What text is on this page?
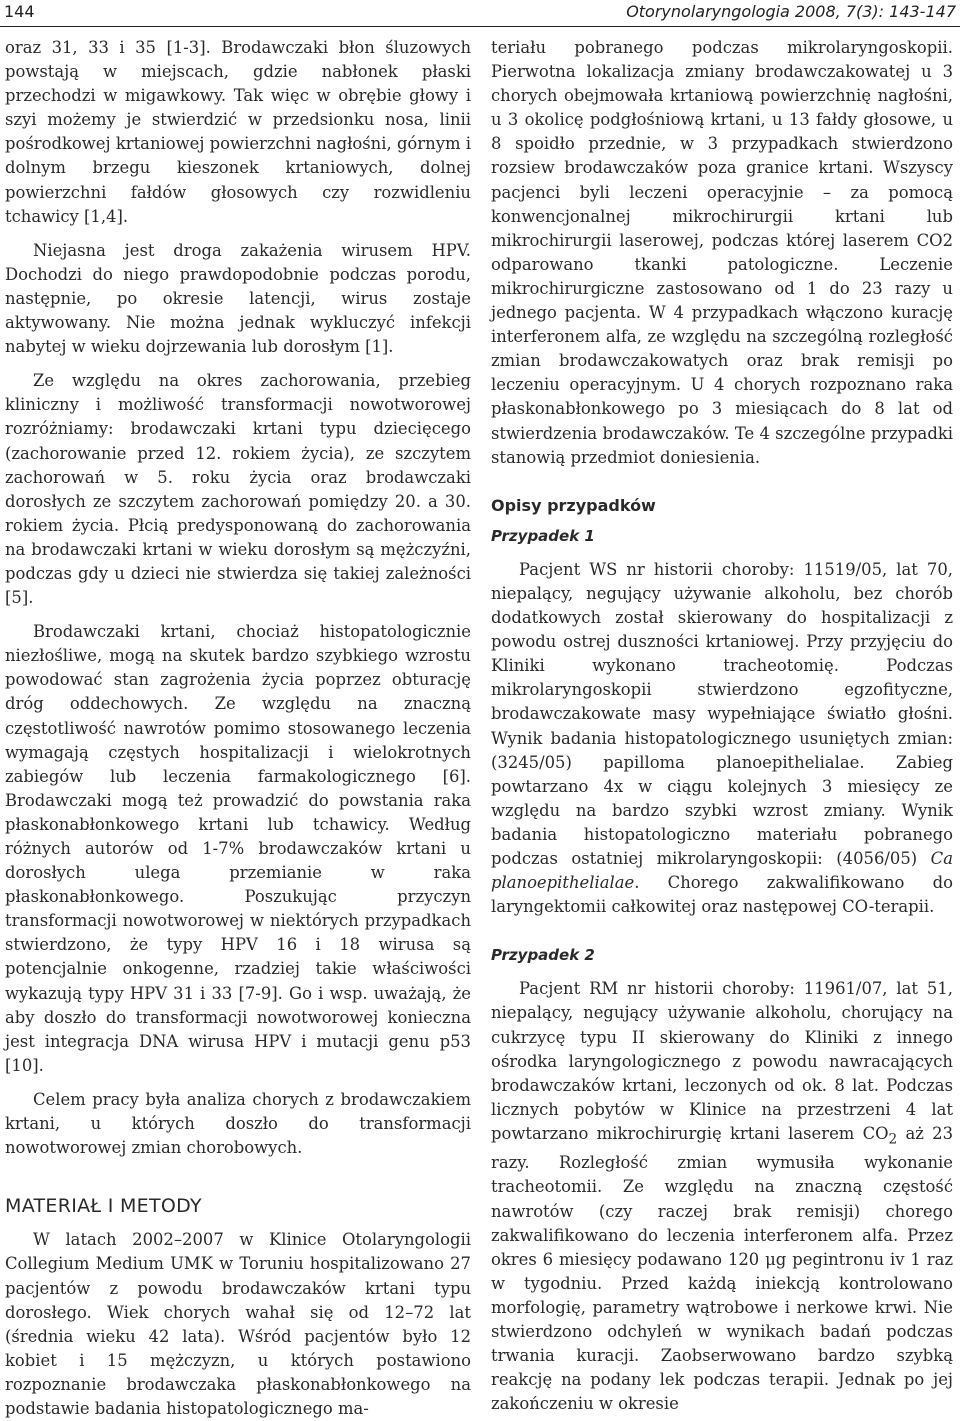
144	Otorynolaryngologia 2008, 7(3): 143-147

oraz 31, 33 i 35 [1-3]. Brodawczaki błon śluzowych powstają w miejscach, gdzie nabłonek płaski przechodzi w migawkowy. Tak więc w obrębie głowy i szyi możemy je stwierdzić w przedsionku nosa, linii pośrodkowej krtaniowej powierzchni nagłośni, górnym i dolnym brzegu kieszonek krtaniowych, dolnej powierzchni fałdów głosowych czy rozwidleniu tchawicy [1,4].

Niejasna jest droga zakażenia wirusem HPV. Dochodzi do niego prawdopodobnie podczas porodu, następnie, po okresie latencji, wirus zostaje aktywowany. Nie można jednak wykluczyć infekcji nabytej w wieku dojrzewania lub dorosłym [1].

Ze względu na okres zachorowania, przebieg kliniczny i możliwość transformacji nowotworowej rozróżniamy: brodawczaki krtani typu dziecięcego (zachorowanie przed 12. rokiem życia), ze szczytem zachorowań w 5. roku życia oraz brodawczaki dorosłych ze szczytem zachorowań pomiędzy 20. a 30. rokiem życia. Płcią predysponowaną do zachorowania na brodawczaki krtani w wieku dorosłym są mężczyźni, podczas gdy u dzieci nie stwierdza się takiej zależności [5].

Brodawczaki krtani, chociaż histopatologicznie niezłośliwe, mogą na skutek bardzo szybkiego wzrostu powodować stan zagrożenia życia poprzez obturację dróg oddechowych. Ze względu na znaczną częstotliwość nawrotów pomimo stosowanego leczenia wymagają częstych hospitalizacji i wielokrotnych zabiegów lub leczenia farmakologicznego [6]. Brodawczaki mogą też prowadzić do powstania raka płaskonabłonkowego krtani lub tchawicy. Według różnych autorów od 1-7% brodawczaków krtani u dorosłych ulega przemianie w raka płaskonabłonkowego. Poszukując przyczyn transformacji nowotworowej w niektórych przypadkach stwierdzono, że typy HPV 16 i 18 wirusa są potencjalnie onkogenne, rzadziej takie właściwości wykazują typy HPV 31 i 33 [7-9]. Go i wsp. uważają, że aby doszło do transformacji nowotworowej konieczna jest integracja DNA wirusa HPV i mutacji genu p53 [10].

Celem pracy była analiza chorych z brodawczakiem krtani, u których doszło do transformacji nowotworowej zmian chorobowych.

MATERIAŁ I METODY

W latach 2002–2007 w Klinice Otolaryngologii Collegium Medium UMK w Toruniu hospitalizowano 27 pacjentów z powodu brodawczaków krtani typu dorosłego. Wiek chorych wahał się od 12–72 lat (średnia wieku 42 lata). Wśród pacjentów było 12 kobiet i 15 mężczyzn, u których postawiono rozpoznanie brodawczaka płaskonabłonkowego na podstawie badania histopatologicznego ma-

teriału pobranego podczas mikrolaryngoskopii. Pierwotna lokalizacja zmiany brodawczakowatej u 3 chorych obejmowała krtaniową powierzchnię nagłośni, u 3 okolicę podgłośniową krtani, u 13 fałdy głosowe, u 8 spoidło przednie, w 3 przypadkach stwierdzono rozsiew brodawczaków poza granice krtani. Wszyscy pacjenci byli leczeni operacyjnie – za pomocą konwencjonalnej mikrochirurgii krtani lub mikrochirurgii laserowej, podczas której laserem CO2 odparowano tkanki patologiczne. Leczenie mikrochirurgiczne zastosowano od 1 do 23 razy u jednego pacjenta. W 4 przypadkach włączono kurację interferonem alfa, ze względu na szczególną rozległość zmian brodawczakowatych oraz brak remisji po leczeniu operacyjnym. U 4 chorych rozpoznano raka płaskonabłonkowego po 3 miesiącach do 8 lat od stwierdzenia brodawczaków. Te 4 szczególne przypadki stanowią przedmiot doniesienia.

Opisy przypadków
Przypadek 1

Pacjent WS nr historii choroby: 11519/05, lat 70, niepalący, negujący używanie alkoholu, bez chorób dodatkowych został skierowany do hospitalizacji z powodu ostrej duszności krtaniowej. Przy przyjęciu do Kliniki wykonano tracheotomię. Podczas mikrolaryngoskopii stwierdzono egzofityczne, brodawczakowate masy wypełniające światło głośni. Wynik badania histopatologicznego usuniętych zmian: (3245/05) papilloma planoepithelialae. Zabieg powtarzano 4x w ciągu kolejnych 3 miesięcy ze względu na bardzo szybki wzrost zmiany. Wynik badania histopatologiczno materiału pobranego podczas ostatniej mikrolaryngoskopii: (4056/05) Ca planoepithelialae. Chorego zakwalifikowano do laryngektomii całkowitej oraz następowej CO-terapii.

Przypadek 2

Pacjent RM nr historii choroby: 11961/07, lat 51, niepalący, negujący używanie alkoholu, chorujący na cukrzycę typu II skierowany do Kliniki z innego ośrodka laryngologicznego z powodu nawracających brodawczaków krtani, leczonych od ok. 8 lat. Podczas licznych pobytów w Klinice na przestrzeni 4 lat powtarzano mikrochirurgię krtani laserem $CO_2$ aż 23 razy. Rozległość zmian wymusiła wykonanie tracheotomii. Ze względu na znaczną częstość nawrotów (czy raczej brak remisji) chorego zakwalifikowano do leczenia interferonem alfa. Przez okres 6 miesięcy podawano 120 μg pegintronu iv 1 raz w tygodniu. Przed każdą iniekcją kontrolowano morfologię, parametry wątrobowe i nerkowe krwi. Nie stwierdzono odchyleń w wynikach badań podczas trwania kuracji. Zaobserwowano bardzo szybką reakcję na podany lek podczas terapii. Jednak po jej zakończeniu w okresie
